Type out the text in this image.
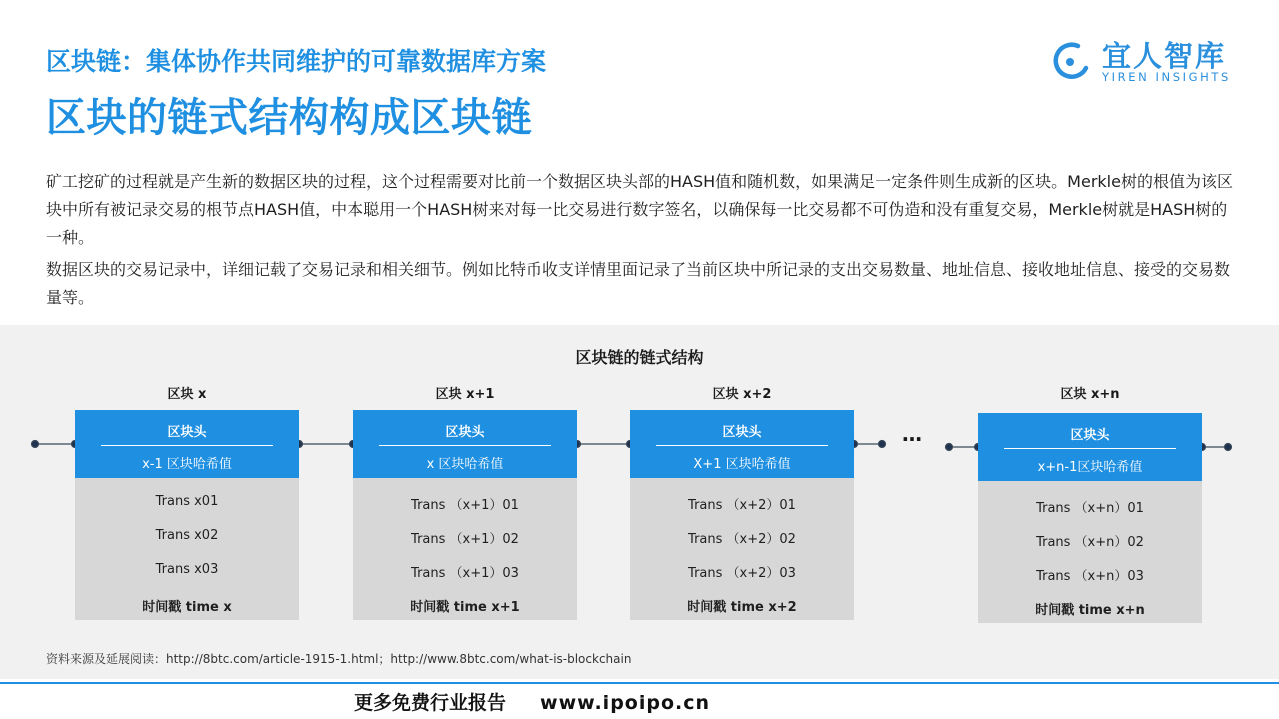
区块链：集体协作共同维护的可靠数据库方案
区块的链式结构构成区块链
宜人智库
YIREN INSIGHTS

矿工挖矿的过程就是产生新的数据区块的过程，这个过程需要对比前一个数据区块头部的HASH值和随机数，如果满足一定条件则生成新的区块。Merkle树的根值为该区块中所有被记录交易的根节点HASH值，中本聪用一个HASH树来对每一比交易进行数字签名，以确保每一比交易都不可伪造和没有重复交易，Merkle树就是HASH树的一种。

数据区块的交易记录中，详细记载了交易记录和相关细节。例如比特币收支详情里面记录了当前区块中所记录的支出交易数量、地址信息、接收地址信息、接受的交易数量等。

区块链的链式结构
区块 x
区块头
x-1 区块哈希值
Trans x01
Trans x02
Trans x03
时间戳 time x
区块 x+1
区块头
x 区块哈希值
Trans （x+1）01
Trans （x+1）02
Trans （x+1）03
时间戳 time x+1
区块 x+2
区块头
X+1 区块哈希值
Trans （x+2）01
Trans （x+2）02
Trans （x+2）03
时间戳 time x+2
…
区块 x+n
区块头
x+n-1区块哈希值
Trans （x+n）01
Trans （x+n）02
Trans （x+n）03
时间戳 time x+n
资料来源及延展阅读：http://8btc.com/article-1915-1.html；http://www.8btc.com/what-is-blockchain
更多免费行业报告 www.ipoipo.cn
